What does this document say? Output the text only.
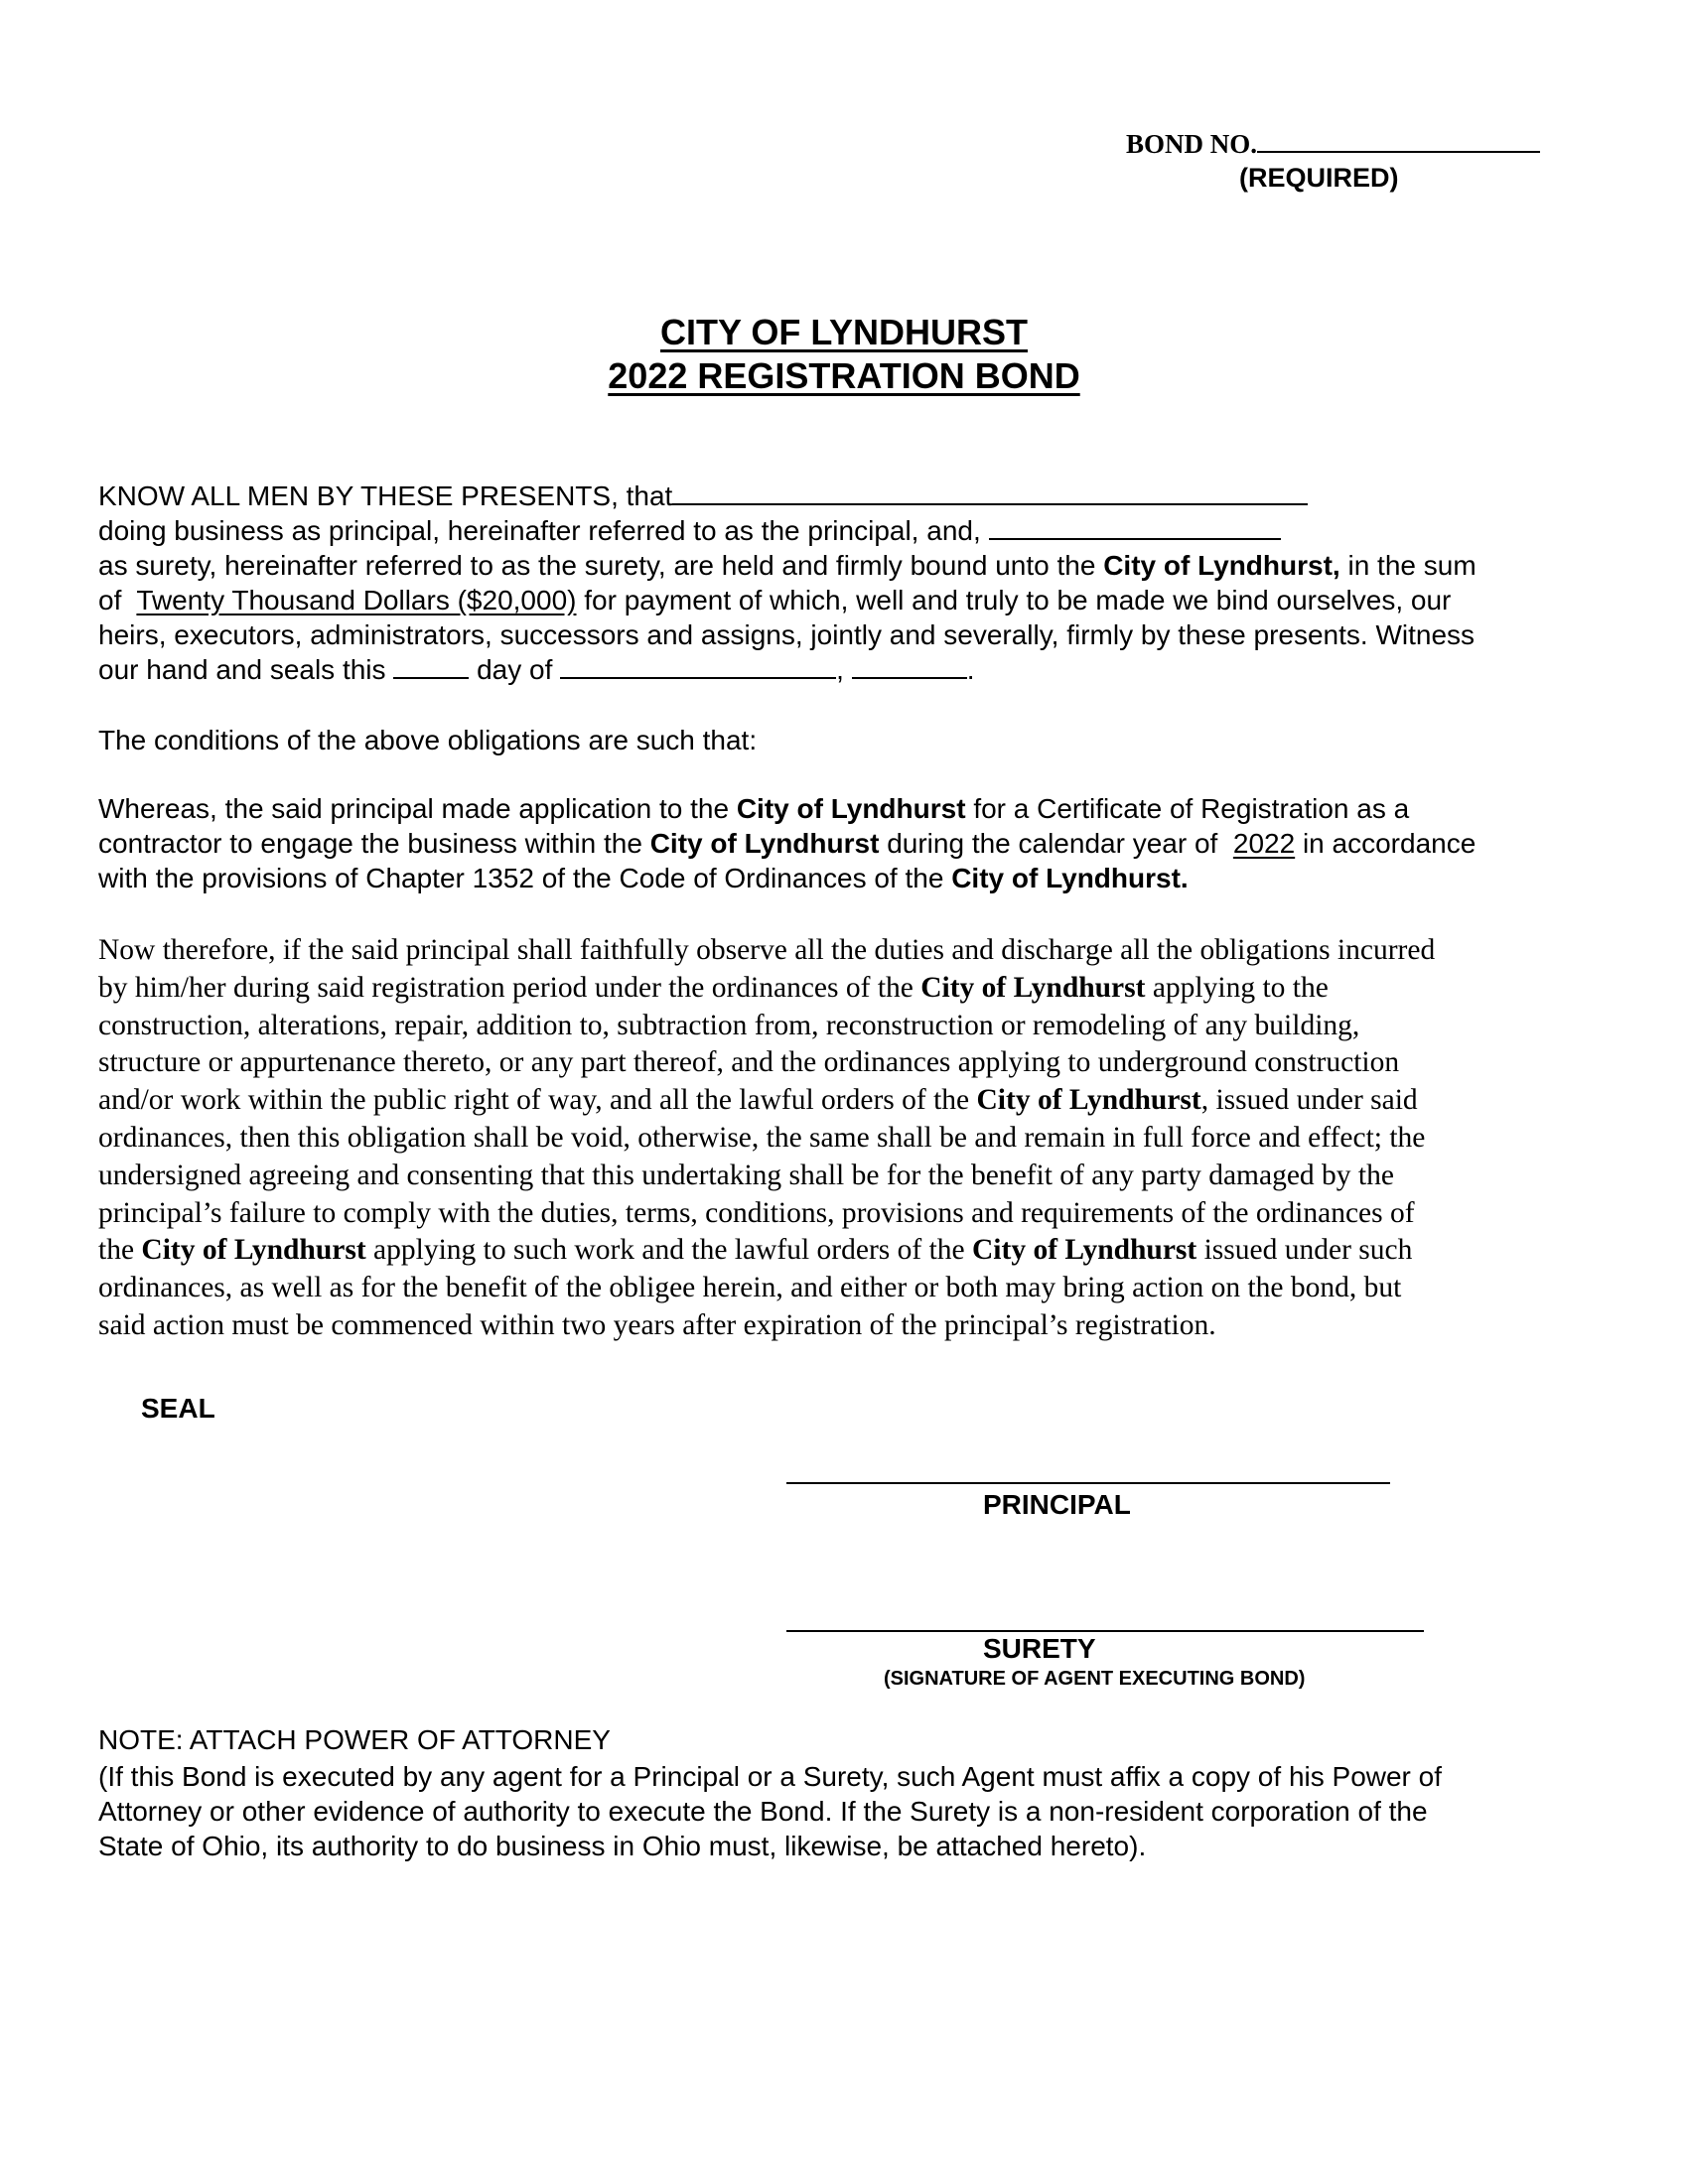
BOND NO.
(REQUIRED)
CITY OF LYNDHURST
2022 REGISTRATION BOND
KNOW ALL MEN BY THESE PRESENTS, that
doing business as principal, hereinafter referred to as the principal, and,
as surety, hereinafter referred to as the surety, are held and firmly bound unto the City of Lyndhurst, in the sum
of  Twenty Thousand Dollars ($20,000) for payment of which, well and truly to be made we bind ourselves, our
heirs, executors, administrators, successors and assigns, jointly and severally, firmly by these presents. Witness
our hand and seals this	day of	,	.
The conditions of the above obligations are such that:
Whereas, the said principal made application to the City of Lyndhurst for a Certificate of Registration as a
contractor to engage the business within the City of Lyndhurst during the calendar year of  2022 in accordance
with the provisions of Chapter 1352 of the Code of Ordinances of the City of Lyndhurst.
Now therefore, if the said principal shall faithfully observe all the duties and discharge all the obligations incurred
by him/her during said registration period under the ordinances of the City of Lyndhurst applying to the
construction, alterations, repair, addition to, subtraction from, reconstruction or remodeling of any building,
structure or appurtenance thereto, or any part thereof, and the ordinances applying to underground construction
and/or work within the public right of way, and all the lawful orders of the City of Lyndhurst, issued under said
ordinances, then this obligation shall be void, otherwise, the same shall be and remain in full force and effect; the
undersigned agreeing and consenting that this undertaking shall be for the benefit of any party damaged by the
principal’s failure to comply with the duties, terms, conditions, provisions and requirements of the ordinances of
the City of Lyndhurst applying to such work and the lawful orders of the City of Lyndhurst issued under such
ordinances, as well as for the benefit of the obligee herein, and either or both may bring action on the bond, but
said action must be commenced within two years after expiration of the principal’s registration.
SEAL
PRINCIPAL
SURETY
(SIGNATURE OF AGENT EXECUTING BOND)
NOTE: ATTACH POWER OF ATTORNEY
(If this Bond is executed by any agent for a Principal or a Surety, such Agent must affix a copy of his Power of
Attorney or other evidence of authority to execute the Bond. If the Surety is a non-resident corporation of the
State of Ohio, its authority to do business in Ohio must, likewise, be attached hereto).
